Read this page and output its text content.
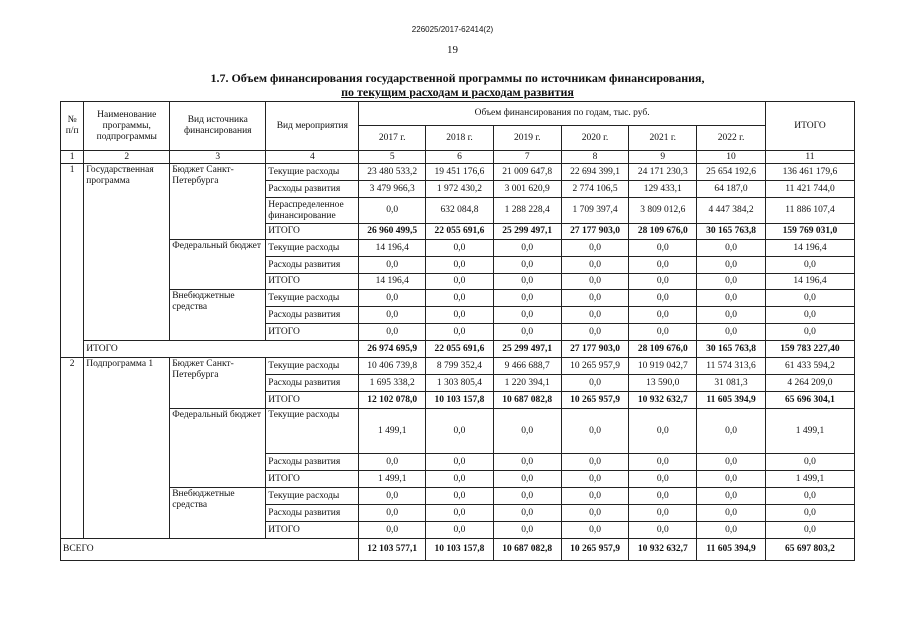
226025/2017-62414(2)
19
1.7. Объем финансирования государственной программы по источникам финансирования,
по текущим расходам и расходам развития
№ п/п	Наименование программы, подпрограммы	Вид источника финансирования	Вид мероприятия	Объем финансирования по годам, тыс. руб.						ИТОГО
				2017 г.	2018 г.	2019 г.	2020 г.	2021 г.	2022 г.	
1	2	3	4	5	6	7	8	9	10	11
1	Государственная программа	Бюджет Санкт-Петербурга	Текущие расходы	23 480 533,2	19 451 176,6	21 009 647,8	22 694 399,1	24 171 230,3	25 654 192,6	136 461 179,6
			Расходы развития	3 479 966,3	1 972 430,2	3 001 620,9	2 774 106,5	129 433,1	64 187,0	11 421 744,0
			Нераспределенное финансирование	0,0	632 084,8	1 288 228,4	1 709 397,4	3 809 012,6	4 447 384,2	11 886 107,4
			ИТОГО	26 960 499,5	22 055 691,6	25 299 497,1	27 177 903,0	28 109 676,0	30 165 763,8	159 769 031,0
		Федеральный бюджет	Текущие расходы	14 196,4	0,0	0,0	0,0	0,0	0,0	14 196,4
			Расходы развития	0,0	0,0	0,0	0,0	0,0	0,0	0,0
			ИТОГО	14 196,4	0,0	0,0	0,0	0,0	0,0	14 196,4
		Внебюджетные средства	Текущие расходы	0,0	0,0	0,0	0,0	0,0	0,0	0,0
			Расходы развития	0,0	0,0	0,0	0,0	0,0	0,0	0,0
			ИТОГО	0,0	0,0	0,0	0,0	0,0	0,0	0,0
	ИТОГО			26 974 695,9	22 055 691,6	25 299 497,1	27 177 903,0	28 109 676,0	30 165 763,8	159 783 227,40
2	Подпрограмма 1	Бюджет Санкт-Петербурга	Текущие расходы	10 406 739,8	8 799 352,4	9 466 688,7	10 265 957,9	10 919 042,7	11 574 313,6	61 433 594,2
			Расходы развития	1 695 338,2	1 303 805,4	1 220 394,1	0,0	13 590,0	31 081,3	4 264 209,0
			ИТОГО	12 102 078,0	10 103 157,8	10 687 082,8	10 265 957,9	10 932 632,7	11 605 394,9	65 696 304,1
		Федеральный бюджет	Текущие расходы	1 499,1	0,0	0,0	0,0	0,0	0,0	1 499,1
			Расходы развития	0,0	0,0	0,0	0,0	0,0	0,0	0,0
			ИТОГО	1 499,1	0,0	0,0	0,0	0,0	0,0	1 499,1
		Внебюджетные средства	Текущие расходы	0,0	0,0	0,0	0,0	0,0	0,0	0,0
			Расходы развития	0,0	0,0	0,0	0,0	0,0	0,0	0,0
			ИТОГО	0,0	0,0	0,0	0,0	0,0	0,0	0,0
ВСЕГО				12 103 577,1	10 103 157,8	10 687 082,8	10 265 957,9	10 932 632,7	11 605 394,9	65 697 803,2
